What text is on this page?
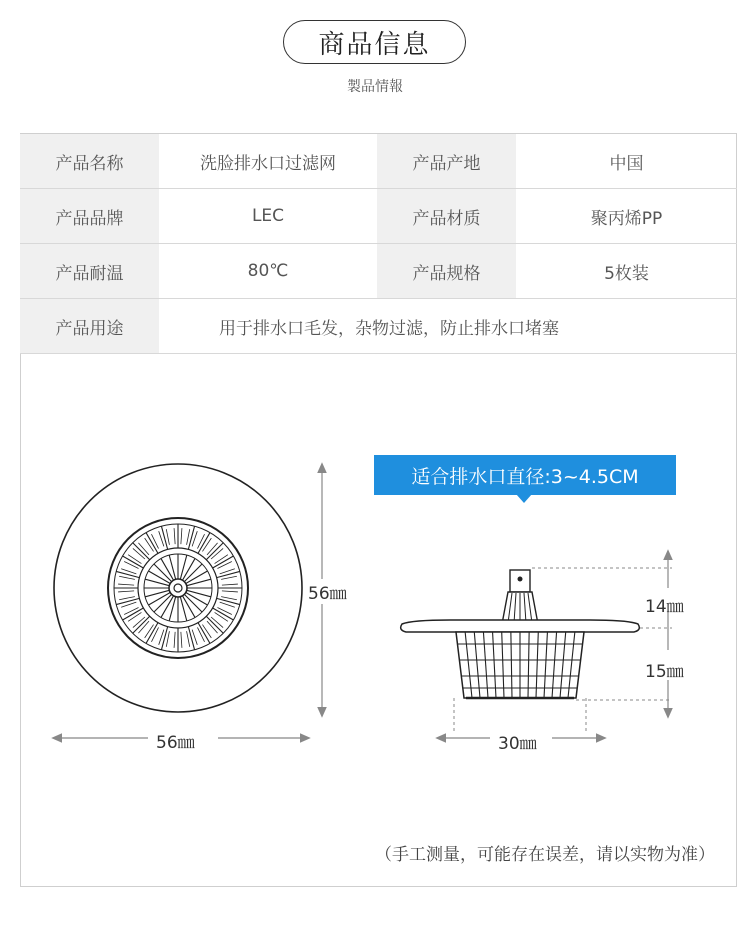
商品信息
製品情報
产品名称	洗脸排水口过滤网	产品产地	中国
产品品牌	LEC	产品材质	聚丙烯PP
产品耐温	80℃	产品规格	5枚装
产品用途	用于排水口毛发，杂物过滤，防止排水口堵塞		
56㎜
56㎜
适合排水口直径:3~4.5CM
14㎜
15㎜
30㎜
（手工测量，可能存在误差，请以实物为准）
